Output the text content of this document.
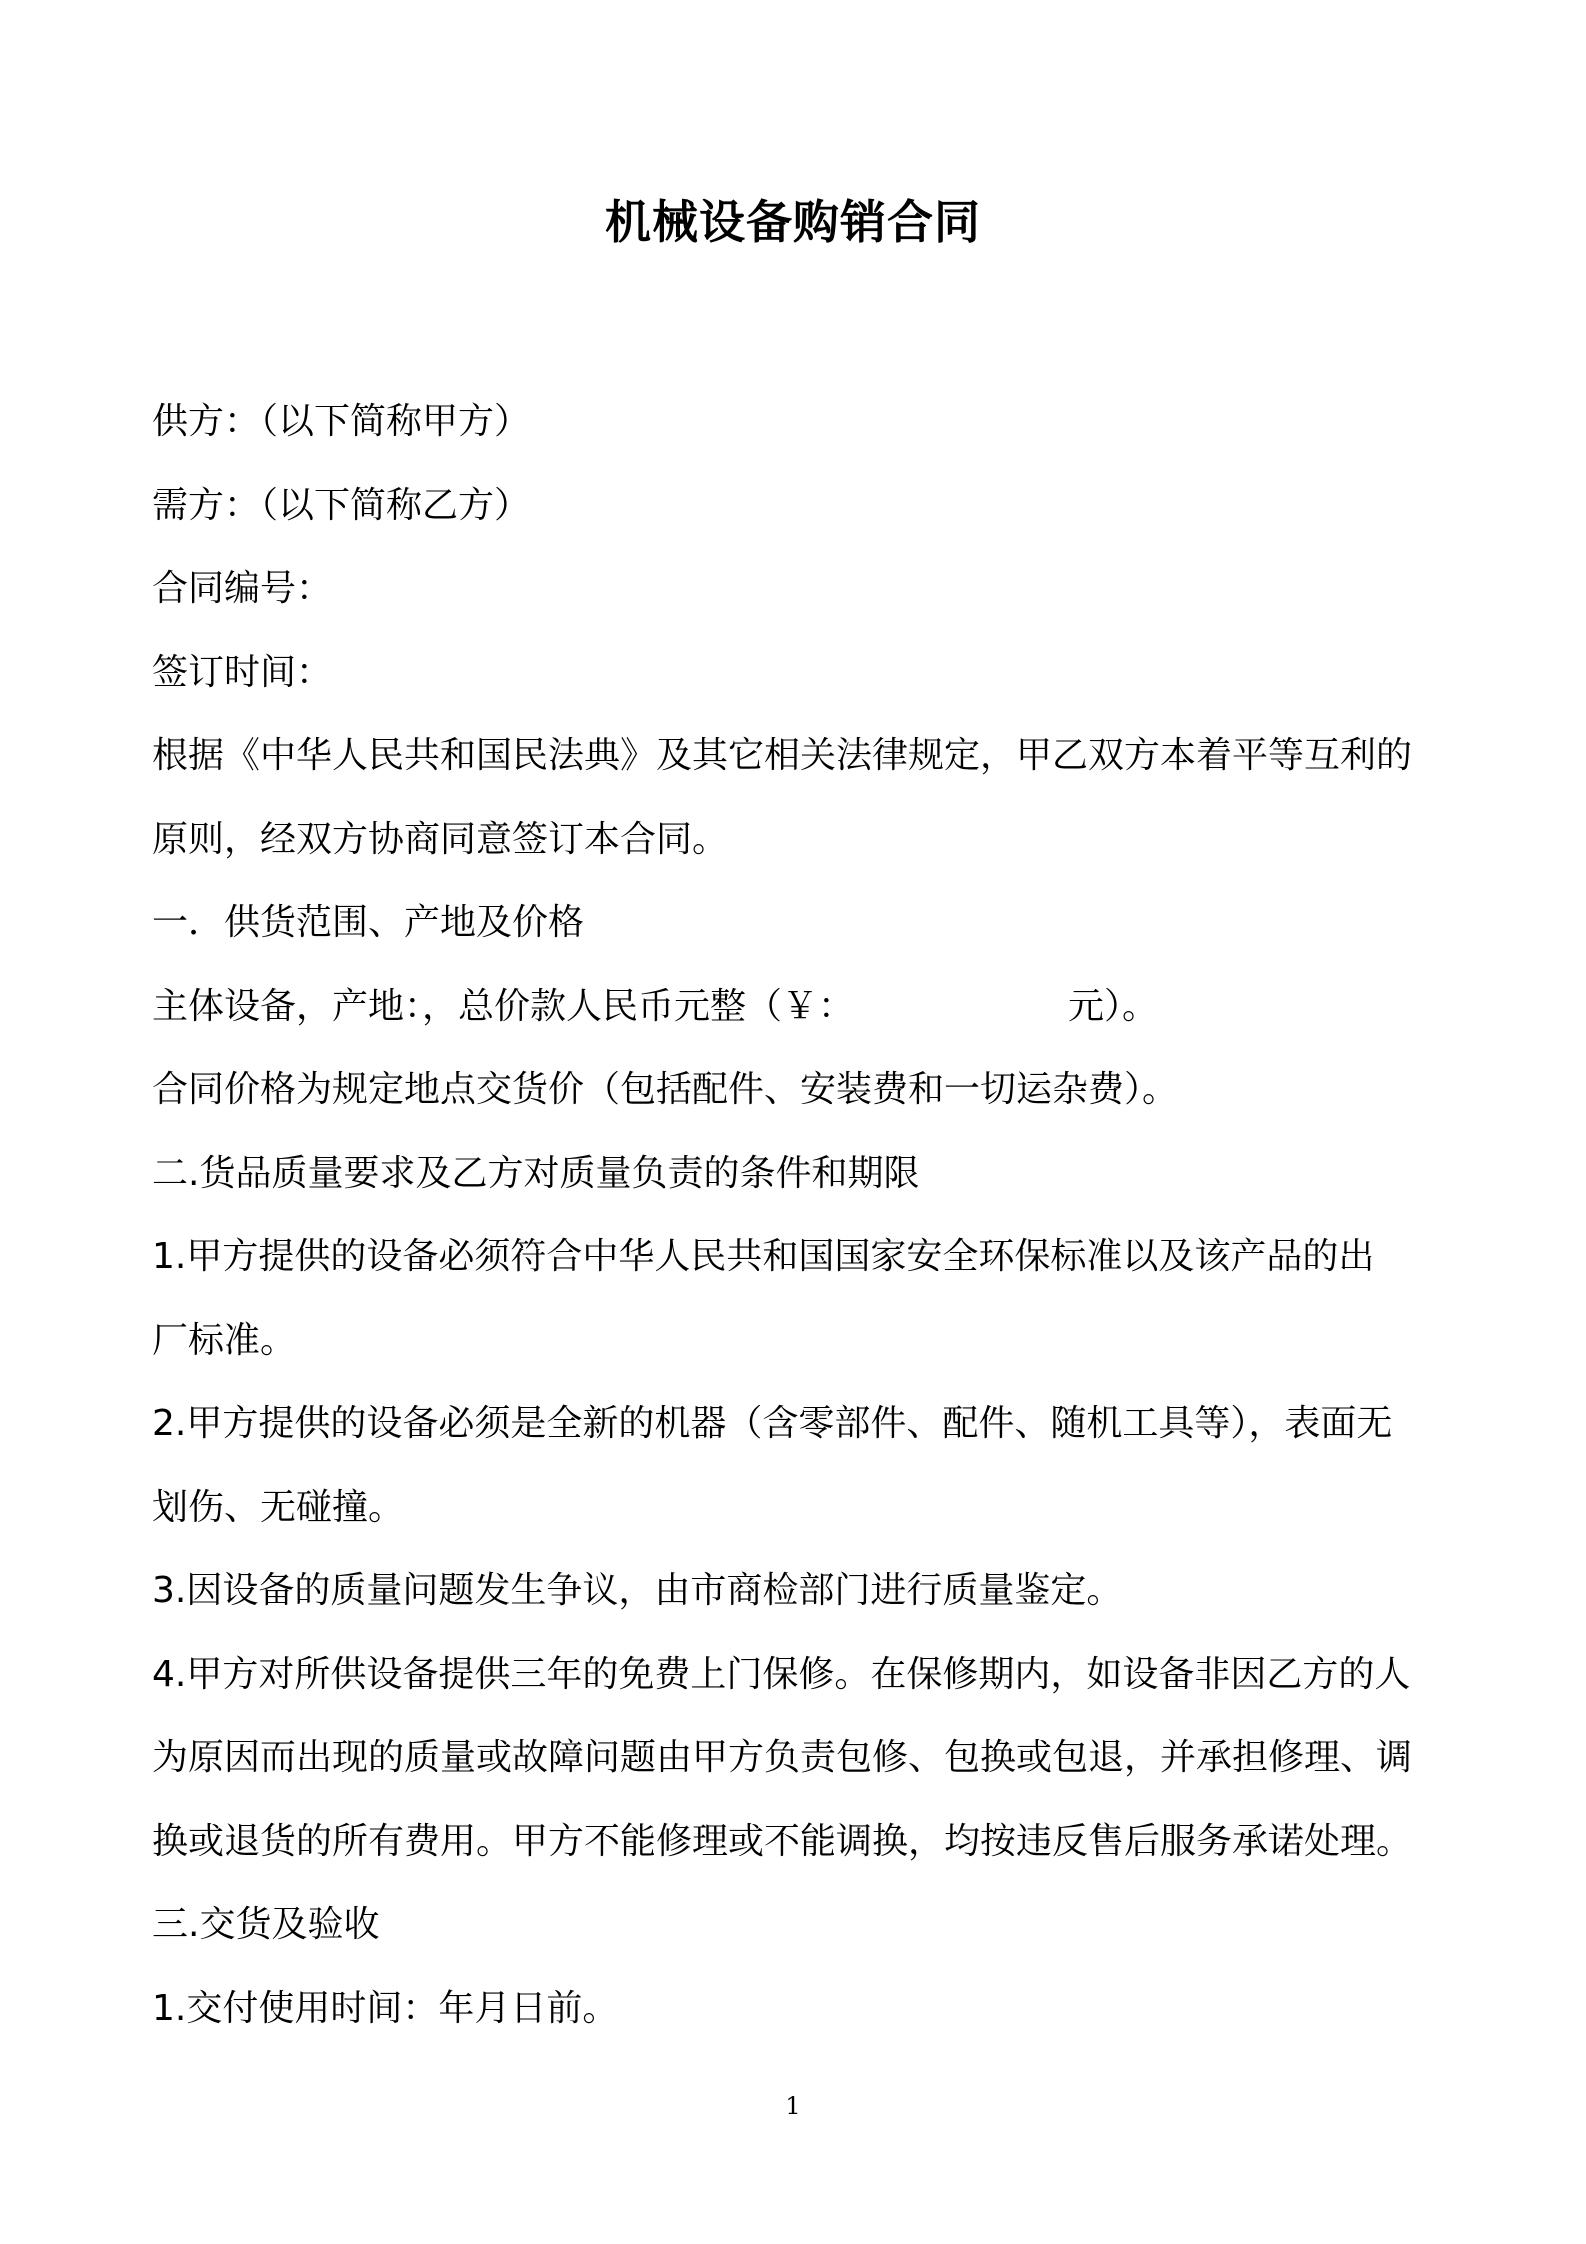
机械设备购销合同
供方：（以下简称甲方）
需方：（以下简称乙方）
合同编号：
签订时间：
根据《中华人民共和国民法典》及其它相关法律规定，甲乙双方本着平等互利的
原则，经双方协商同意签订本合同。
一．供货范围、产地及价格
主体设备，产地：，总价款人民币元整（￥：	元）。
合同价格为规定地点交货价（包括配件、安装费和一切运杂费）。
二.货品质量要求及乙方对质量负责的条件和期限
1.甲方提供的设备必须符合中华人民共和国国家安全环保标准以及该产品的出
厂标准。
2.甲方提供的设备必须是全新的机器（含零部件、配件、随机工具等），表面无
划伤、无碰撞。
3.因设备的质量问题发生争议，由市商检部门进行质量鉴定。
4.甲方对所供设备提供三年的免费上门保修。在保修期内，如设备非因乙方的人
为原因而出现的质量或故障问题由甲方负责包修、包换或包退，并承担修理、调
换或退货的所有费用。甲方不能修理或不能调换，均按违反售后服务承诺处理。
三.交货及验收
1.交付使用时间：年月日前。
1
